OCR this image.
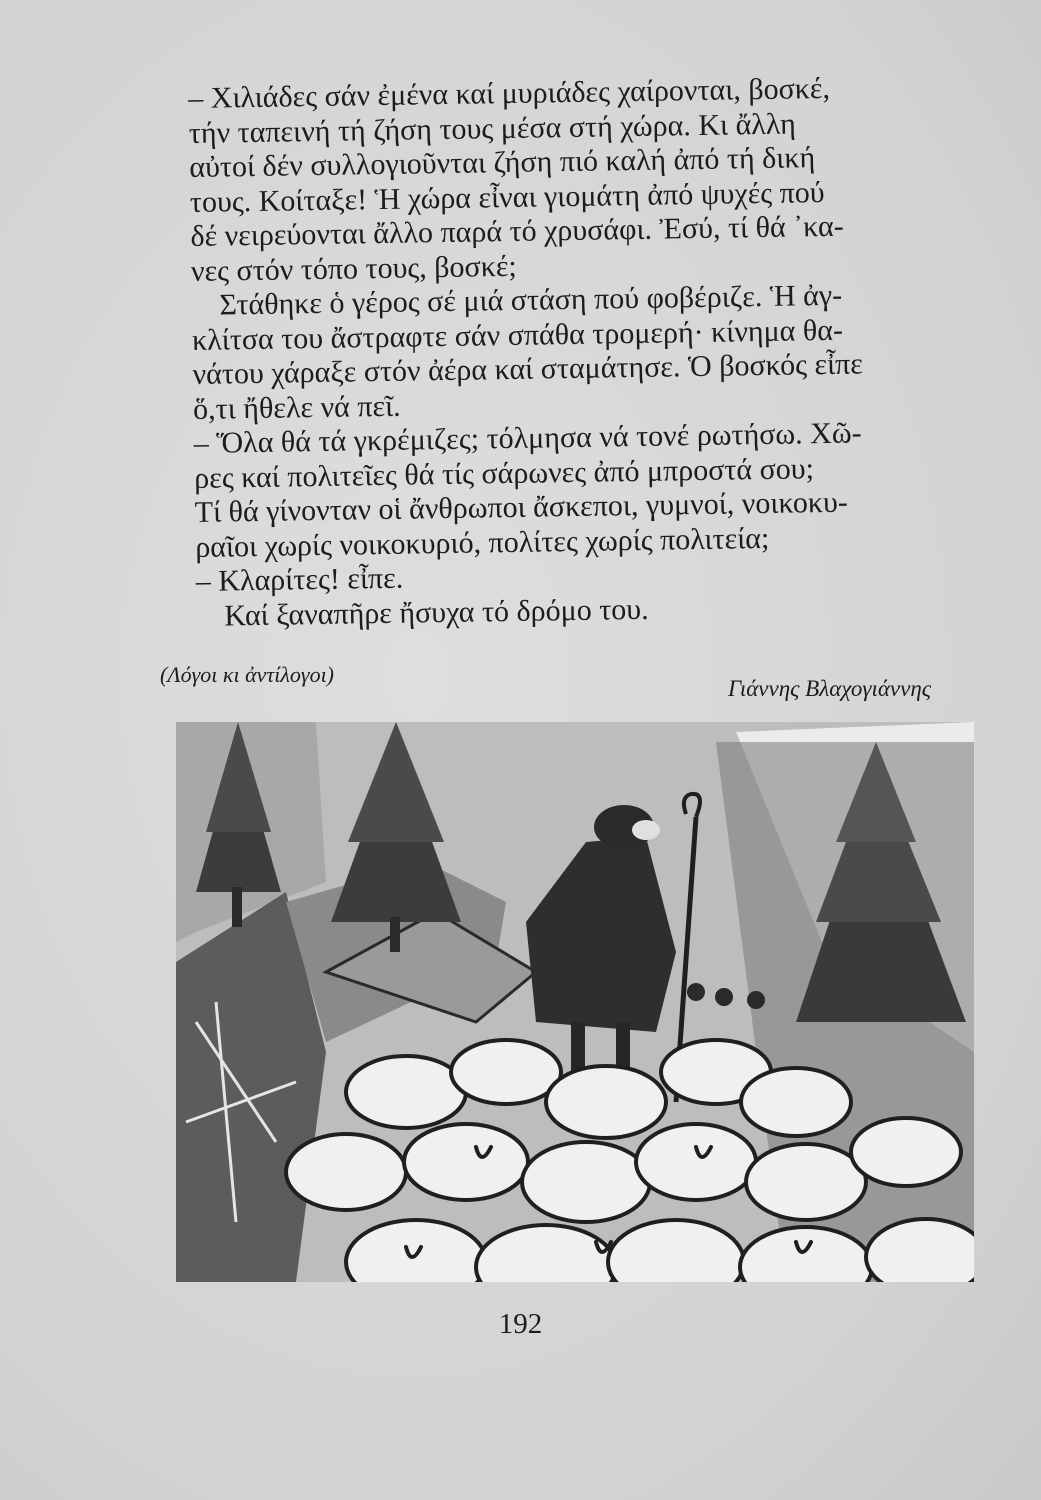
– Χιλιάδες σάν ἐμένα καί μυριάδες χαίρονται, βοσκέ,
τήν ταπεινή τή ζήση τους μέσα στή χώρα. Κι ἄλλη
αὐτοί δέν συλλογιοῦνται ζήση πιό καλή ἀπό τή δική
τους. Κοίταξε! Ἡ χώρα εἶναι γιομάτη ἀπό ψυχές πού
δέ νειρεύονται ἄλλο παρά τό χρυσάφι. Ἐσύ, τί θά ᾽κα-
νες στόν τόπο τους, βοσκέ;
Στάθηκε ὁ γέρος σέ μιά στάση πού φοβέριζε. Ἡ ἀγ-
κλίτσα του ἄστραφτε σάν σπάθα τρομερή· κίνημα θα-
νάτου χάραξε στόν ἀέρα καί σταμάτησε. Ὁ βοσκός εἶπε
ὅ,τι ἤθελε νά πεῖ.
– Ὅλα θά τά γκρέμιζες; τόλμησα νά τονέ ρωτήσω. Χῶ-
ρες καί πολιτεῖες θά τίς σάρωνες ἀπό μπροστά σου;
Τί θά γίνονταν οἱ ἄνθρωποι ἄσκεποι, γυμνοί, νοικοκυ-
ραῖοι χωρίς νοικοκυριό, πολίτες χωρίς πολιτεία;
– Κλαρίτες! εἶπε.
Καί ξαναπῆρε ἤσυχα τό δρόμο του.
(Λόγοι κι ἀντίλογοι)
Γιάννης Βλαχογιάννης
192
